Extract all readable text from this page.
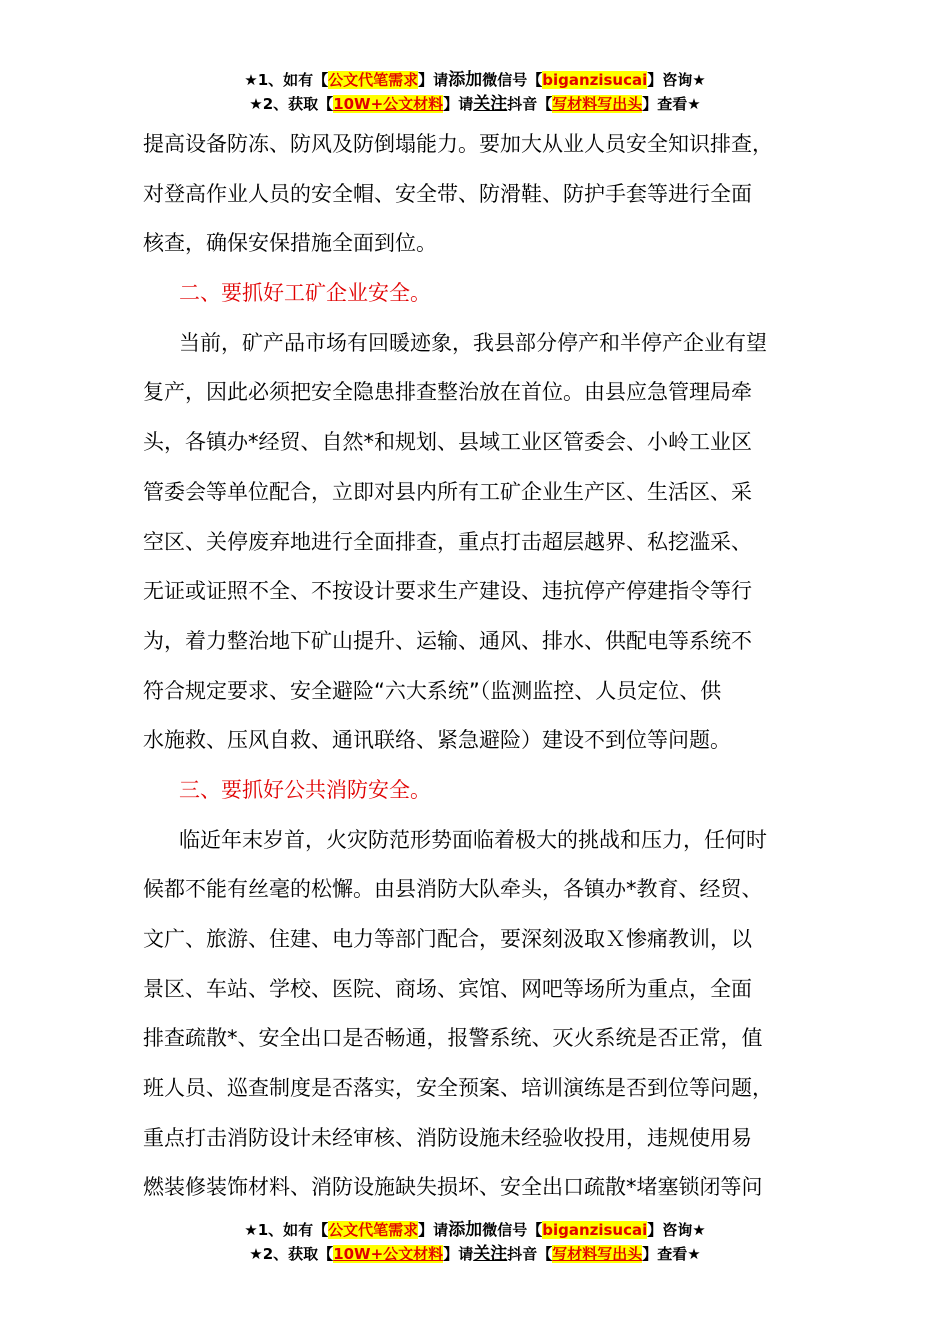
★1、如有【公文代笔需求】请添加微信号【biganzisucai】咨询★
★2、获取【10W+公文材料】请关注抖音【写材料写出头】查看★
提高设备防冻、防风及防倒塌能力。要加大从业人员安全知识排查，
对登高作业人员的安全帽、安全带、防滑鞋、防护手套等进行全面
核查，确保安保措施全面到位。
二、要抓好工矿企业安全。
当前，矿产品市场有回暖迹象，我县部分停产和半停产企业有望
复产，因此必须把安全隐患排查整治放在首位。由县应急管理局牵
头，各镇办*经贸、自然*和规划、县域工业区管委会、小岭工业区
管委会等单位配合，立即对县内所有工矿企业生产区、生活区、采
空区、关停废弃地进行全面排查，重点打击超层越界、私挖滥采、
无证或证照不全、不按设计要求生产建设、违抗停产停建指令等行
为，着力整治地下矿山提升、运输、通风、排水、供配电等系统不
符合规定要求、安全避险“六大系统”（监测监控、人员定位、供
水施救、压风自救、通讯联络、紧急避险）建设不到位等问题。
三、要抓好公共消防安全。
临近年末岁首，火灾防范形势面临着极大的挑战和压力，任何时
候都不能有丝毫的松懈。由县消防大队牵头，各镇办*教育、经贸、
文广、旅游、住建、电力等部门配合，要深刻汲取Ｘ惨痛教训，以
景区、车站、学校、医院、商场、宾馆、网吧等场所为重点，全面
排查疏散*、安全出口是否畅通，报警系统、灭火系统是否正常，值
班人员、巡查制度是否落实，安全预案、培训演练是否到位等问题，
重点打击消防设计未经审核、消防设施未经验收投用，违规使用易
燃装修装饰材料、消防设施缺失损坏、安全出口疏散*堵塞锁闭等问
★1、如有【公文代笔需求】请添加微信号【biganzisucai】咨询★
★2、获取【10W+公文材料】请关注抖音【写材料写出头】查看★
